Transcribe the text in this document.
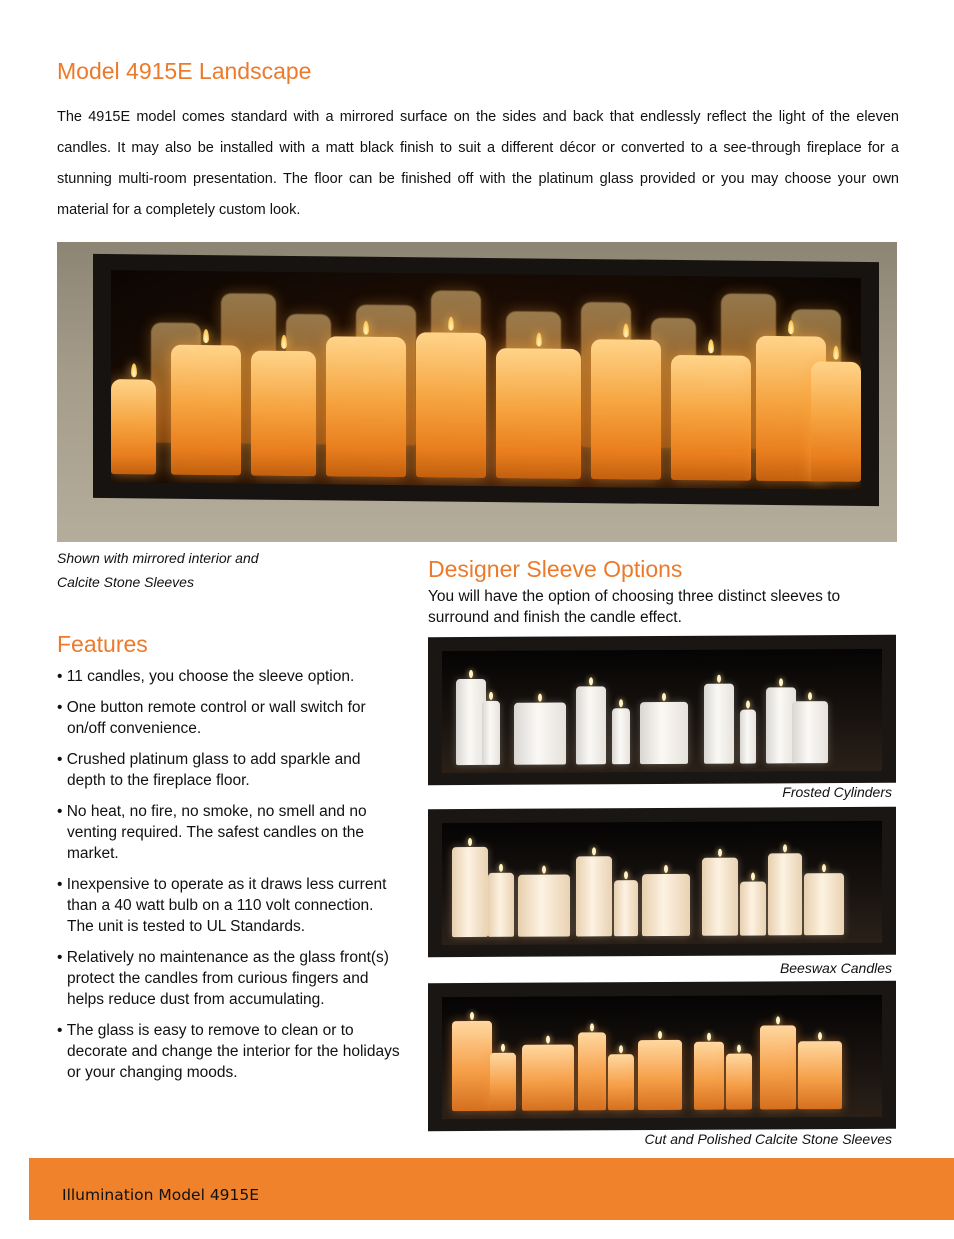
Model 4915E Landscape

The 4915E model comes standard with a mirrored surface on the sides and back that endlessly reflect the light of the eleven candles. It may also be installed with a matt black finish to suit a different décor or converted to a see-through fireplace for a stunning multi-room presentation. The floor can be finished off with the platinum glass provided or you may choose your own material for a completely custom look.

Shown with mirrored interior and
Calcite Stone Sleeves	Designer Sleeve Options

You will have the option of choosing three distinct sleeves to surround and finish the candle effect.

Features
• 11 candles, you choose the sleeve option.
• One button remote control or wall switch for on/off convenience.
• Crushed platinum glass to add sparkle and depth to the fireplace floor.
• No heat, no fire, no smoke, no smell and no venting required. The safest candles on the market.
• Inexpensive to operate as it draws less current than a 40 watt bulb on a 110 volt connection. The unit is tested to UL Standards.
• Relatively no maintenance as the glass front(s) protect the candles from curious fingers and helps reduce dust from accumulating.
• The glass is easy to remove to clean or to decorate and change the interior for the holidays or your changing moods.

Frosted Cylinders

Beeswax Candles

Cut and Polished Calcite Stone Sleeves

Illumination Model 4915E
